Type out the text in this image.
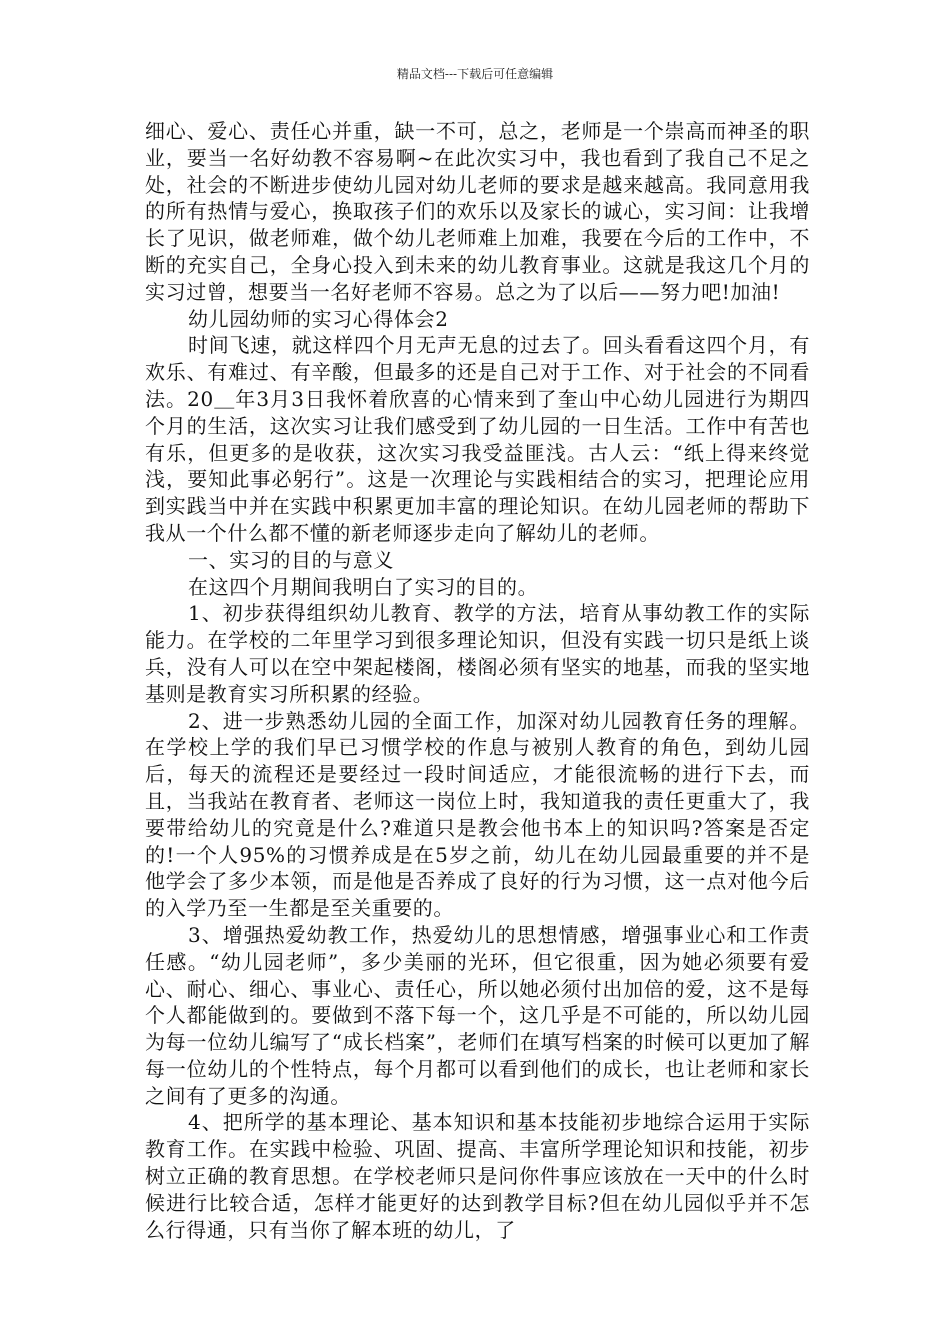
精品文档---下载后可任意编辑

细心、爱心、责任心并重，缺一不可，总之，老师是一个崇高而神圣的职业，要当一名好幼教不容易啊~在此次实习中，我也看到了我自己不足之处，社会的不断进步使幼儿园对幼儿老师的要求是越来越高。我同意用我的所有热情与爱心，换取孩子们的欢乐以及家长的诚心，实习间：让我增长了见识，做老师难，做个幼儿老师难上加难，我要在今后的工作中，不断的充实自己，全身心投入到未来的幼儿教育事业。这就是我这几个月的实习过曾，想要当一名好老师不容易。总之为了以后——努力吧!加油!

幼儿园幼师的实习心得体会2

时间飞速，就这样四个月无声无息的过去了。回头看看这四个月，有欢乐、有难过、有辛酸，但最多的还是自己对于工作、对于社会的不同看法。20＿年3月3日我怀着欣喜的心情来到了奎山中心幼儿园进行为期四个月的生活，这次实习让我们感受到了幼儿园的一日生活。工作中有苦也有乐，但更多的是收获，这次实习我受益匪浅。古人云：“纸上得来终觉浅，要知此事必躬行”。这是一次理论与实践相结合的实习，把理论应用到实践当中并在实践中积累更加丰富的理论知识。在幼儿园老师的帮助下我从一个什么都不懂的新老师逐步走向了解幼儿的老师。

一、实习的目的与意义

在这四个月期间我明白了实习的目的。

1、初步获得组织幼儿教育、教学的方法，培育从事幼教工作的实际能力。在学校的二年里学习到很多理论知识，但没有实践一切只是纸上谈兵，没有人可以在空中架起楼阁，楼阁必须有坚实的地基，而我的坚实地基则是教育实习所积累的经验。

2、进一步熟悉幼儿园的全面工作，加深对幼儿园教育任务的理解。在学校上学的我们早已习惯学校的作息与被别人教育的角色，到幼儿园后，每天的流程还是要经过一段时间适应，才能很流畅的进行下去，而且，当我站在教育者、老师这一岗位上时，我知道我的责任更重大了，我要带给幼儿的究竟是什么?难道只是教会他书本上的知识吗?答案是否定的!一个人95%的习惯养成是在5岁之前，幼儿在幼儿园最重要的并不是他学会了多少本领，而是他是否养成了良好的行为习惯，这一点对他今后的入学乃至一生都是至关重要的。

3、增强热爱幼教工作，热爱幼儿的思想情感，增强事业心和工作责任感。“幼儿园老师”，多少美丽的光环，但它很重，因为她必须要有爱心、耐心、细心、事业心、责任心，所以她必须付出加倍的爱，这不是每个人都能做到的。要做到不落下每一个，这几乎是不可能的，所以幼儿园为每一位幼儿编写了“成长档案”，老师们在填写档案的时候可以更加了解每一位幼儿的个性特点，每个月都可以看到他们的成长，也让老师和家长之间有了更多的沟通。

4、把所学的基本理论、基本知识和基本技能初步地综合运用于实际教育工作。在实践中检验、巩固、提高、丰富所学理论知识和技能，初步树立正确的教育思想。在学校老师只是问你件事应该放在一天中的什么时候进行比较合适，怎样才能更好的达到教学目标?但在幼儿园似乎并不怎么行得通，只有当你了解本班的幼儿，了
